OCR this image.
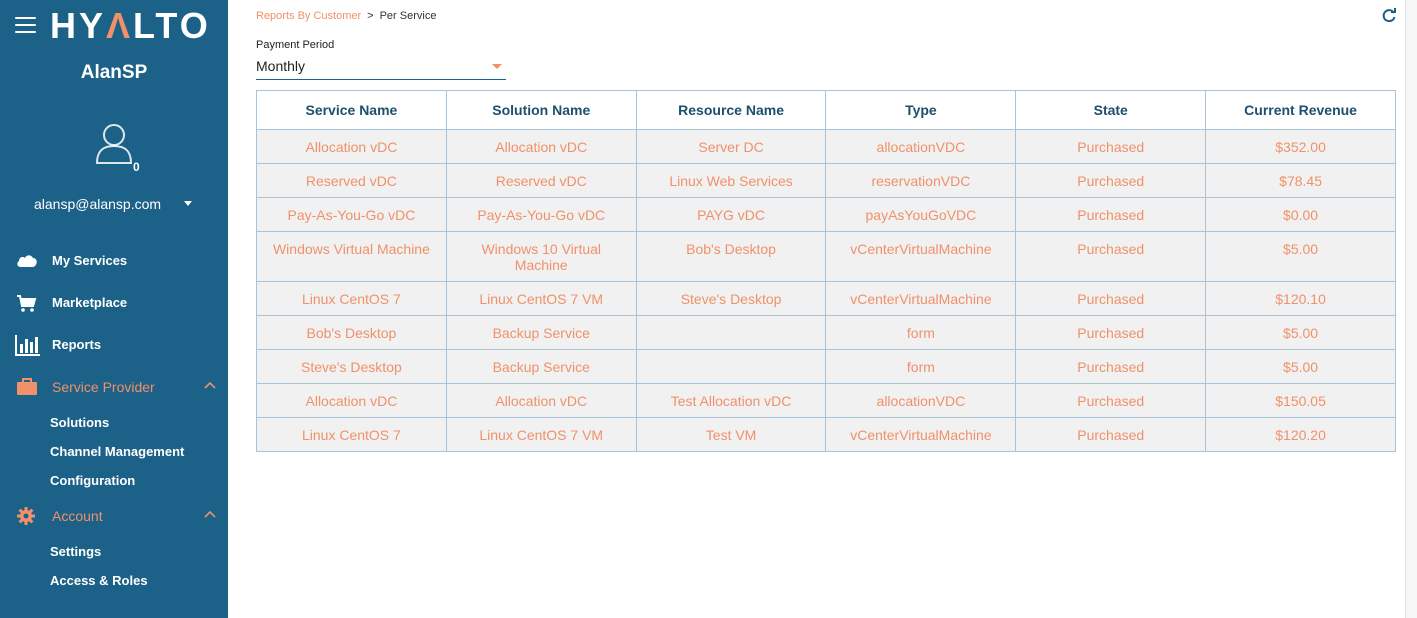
HYΛLTO
AlanSP
0
alansp@alansp.com
My Services
Marketplace
Reports
Service Provider
Solutions
Channel Management
Configuration
Account
Settings
Access & Roles
Reports By Customer > Per Service
Payment Period
Monthly
Service Name	Solution Name	Resource Name	Type	State	Current Revenue
Allocation vDC	Allocation vDC	Server DC	allocationVDC	Purchased	$352.00
Reserved vDC	Reserved vDC	Linux Web Services	reservationVDC	Purchased	$78.45
Pay-As-You-Go vDC	Pay-As-You-Go vDC	PAYG vDC	payAsYouGoVDC	Purchased	$0.00
Windows Virtual Machine	Windows 10 Virtual Machine	Bob's Desktop	vCenterVirtualMachine	Purchased	$5.00
Linux CentOS 7	Linux CentOS 7 VM	Steve's Desktop	vCenterVirtualMachine	Purchased	$120.10
Bob's Desktop	Backup Service		form	Purchased	$5.00
Steve's Desktop	Backup Service		form	Purchased	$5.00
Allocation vDC	Allocation vDC	Test Allocation vDC	allocationVDC	Purchased	$150.05
Linux CentOS 7	Linux CentOS 7 VM	Test VM	vCenterVirtualMachine	Purchased	$120.20
